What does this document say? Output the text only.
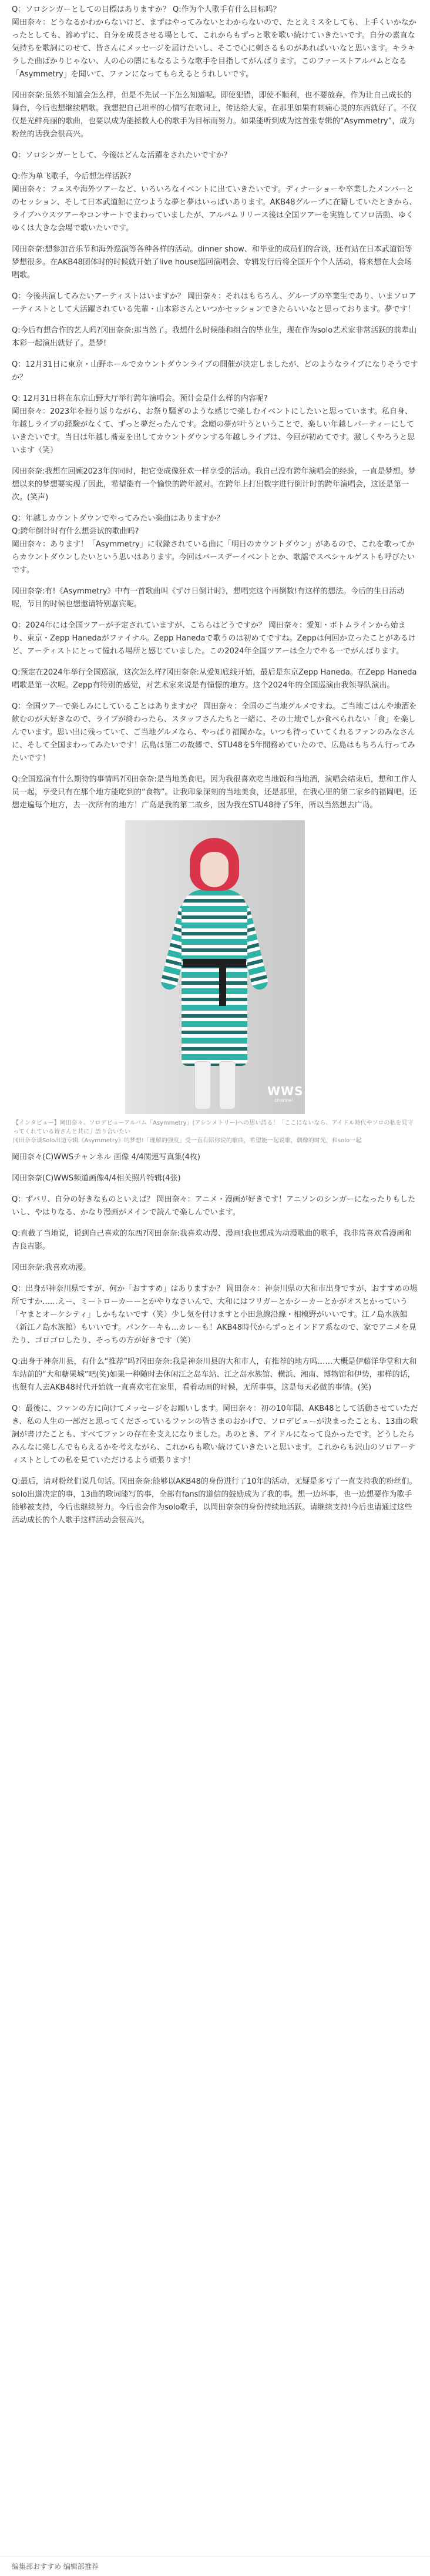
Q：ソロシンガーとしての目標はありますか？ Q:作为个人歌手有什么目标吗？

岡田奈々：どうなるかわからないけど、まずはやってみないとわからないので、たとえミスをしても、上手くいかなかったとしても、諦めずに、自分を成長させる場として、これからもずっと歌を歌い続けていきたいです。自分の素直な気持ちを歌詞にのせて、皆さんにメッセージを届けたいし、そこで心に刺さるものがあればいいなと思います。キラキラした曲ばかりじゃない、人の心の闇にもなるような歌手を目指してがんばります。このファーストアルバムとなる「Asymmetry」を聞いて、ファンになってもらえるとうれしいです。

冈田奈奈:虽然不知道会怎么样，但是不先试一下怎么知道呢。即使犯错，即使不顺利，也不要放弃，作为让自己成长的舞台，今后也想继续唱歌。我想把自己坦率的心情写在歌词上，传达给大家，在那里如果有刺痛心灵的东西就好了。不仅仅是光鲜亮丽的歌曲，也要以成为能拯救人心的歌手为目标而努力。如果能听到成为这首张专辑的“Asymmetry”，成为粉丝的话我会很高兴。

Q：ソロシンガーとして、今後はどんな活躍をされたいですか？

Q:作为单飞歌手，今后想怎样活跃?

岡田奈々：フェスや海外ツアーなど、いろいろなイベントに出ていきたいです。ディナーショーや卒業したメンバーとのセッション、そして日本武道館に立つような夢と夢はいっぱいあります。AKB48グループに在籍していたときから、ライブハウスツアーやコンサートでまわっていましたが、アルバムリリース後は全国ツアーを実施してソロ活動、ゆくゆくは大きな会場で歌いたいです。

冈田奈奈:想参加音乐节和海外巡演等各种各样的活动。dinner show、和毕业的成员们的合谈，还有站在日本武道馆等梦想很多。在AKB48团体时的时候就开始了live house巡回演唱会、专辑发行后将全国开个个人活动，将来想在大会场唱歌。

Q：今後共演してみたいアーティストはいますか？ 岡田奈々：それはもちろん、グループの卒業生であり、いまソロアーティストとして大活躍されている先輩・山本彩さんといつかセッションできたらいいなと思っております。夢です！

Q:今后有想合作的艺人吗?冈田奈奈:那当然了。我想什么时候能和组合的毕业生，现在作为solo艺术家非常活跃的前辈山本彩一起演出就好了。是梦!

Q：12月31日に東京・山野ホールでカウントダウンライブの開催が決定しましたが、どのようなライブになりそうですか？

Q: 12月31日将在东京山野大厅举行跨年演唱会。预计会是什么样的内容呢?

岡田奈々：2023年を振り返りながら、お祭り騒ぎのような感じで楽しむイベントにしたいと思っています。私自身、年越しライブの経験がなくて、ずっと夢だったんです。念願の夢が叶うということで、楽しい年越しパーティーにしていきたいです。当日は年越し蕎麦を出してカウントダウンする年越しライブは、今回が初めてです。激しくやろうと思います（笑）

冈田奈奈:我想在回顾2023年的同时，把它变成像狂欢一样享受的活动。我自己没有跨年演唱会的经验，一直是梦想。梦想以来的梦想要实现了因此，希望能有一个愉快的跨年派对。在跨年上打出数字进行倒计时的跨年演唱会，这还是第一次。(笑声)

Q：年越しカウントダウンでやってみたい楽曲はありますか？

Q:跨年倒计时有什么想尝试的歌曲吗?

岡田奈々：あります！「Asymmetry」に収録されている曲に「明日のカウントダウン」があるので、これを歌ってからカウントダウンしたいという思いはあります。今回はバースデーイベントとか、歌謡でスペシャルゲストも呼びたいです。

冈田奈奈:有!《Asymmetry》中有一首歌曲叫《ずけ日倒计时》，想唱完这个再倒数!有这样的想法。今后的生日活动呢，节目的时候也想邀请特别嘉宾呢。

Q：2024年には全国ツアーが予定されていますが、こちらはどうですか？ 岡田奈々：愛知・ボトムラインから始まり、東京・Zepp Hanedaがファイナル。Zepp Hanedaで歌うのは初めてですね。Zeppは何回か立ったことがあるけど、アーティストにとって憧れる場所と感じていました。この2024年全国ツアーは全力でやる一でがんばります。

Q:预定在2024年举行全国巡演，这次怎么样?冈田奈奈:从爱知底线开始，最后是东京Zepp Haneda。在Zepp Haneda唱歌是第一次呢。Zepp有特别的感觉，对艺术家来说是有憧憬的地方。这个2024年的全国巡演由我领导队演出。

Q：全国ツアーで楽しみにしていることはありますか？ 岡田奈々：全国のご当地グルメですね。ご当地ごはんや地酒を飲むのが大好きなので、ライブが終わったら、スタッフさんたちと一緒に、その土地でしか食べられない「食」を楽しんでいます。思い出に残っていて、ご当地グルメなら、やっぱり福岡かな。いつも待っていてくれるファンのみなさんに、そして全国まわってみたいです！広島は第二の故郷で、STU48を5年間務めていたので、広島はもちろん行ってみたいです！

Q:全国巡演有什么期待的事情吗?冈田奈奈:是当地美食吧。因为我很喜欢吃当地饭和当地酒，演唱会结束后，想和工作人员一起，享受只有在那个地方能吃到的“食物”。让我印象深刻的当地美食，还是那里，在我心里的第二家乡的福岡吧。还想走遍每个地方，去一次所有的地方！广岛是我的第二故乡，因为我在STU48待了5年，所以当然想去广岛。

WWS
channel

【インタビュー】岡田奈々、ソロデビューアルバム「Asymmetry」(アシンメトリー)への思い語る！「ここにないなら、アイドル時代やソロの私を見守ってくれている皆さんと共に」語り合いたい

冈田奈奈谈Solo出道专辑《Asymmetry》的梦想!「理解的强度」受一直有陪你说的歌曲，希望能一起说歌，偶像的时光，和solo一起

岡田奈々(C)WWSチャンネル 画像 4/4関連写真集(4枚)

冈田奈奈(C)WWS频道画像4/4相关照片特辑(4张)

Q：ずバリ、自分の好きなものといえば？ 岡田奈々：アニメ・漫画が好きです！アニソンのシンガーになったりもしたいし、やはりなる、かなり漫画がメインで読んで楽しんでいます。

Q:直截了当地说，说到自己喜欢的东西?冈田奈奈:我喜欢动漫、漫画!我也想成为动漫歌曲的歌手，我非常喜欢看漫画和吉良吉影。

冈田奈奈:我喜欢动漫。

Q：出身が神奈川県ですが、何か「おすすめ」はありますか？ 岡田奈々：神奈川県の大和市出身ですが、おすすめの場所ですか……えー、ミートローカーーとかやりなさいんで、大和にはフリガーとかシーカーとかがオスとかっていう「ヤまとオーケシティ」しかもないです（笑）少し気を付けますと小田急線沿線・相模野がいいです。江ノ島水族館（新江ノ島水族館）もいいです。パンケーキも...カレーも！AKB48時代からずっとインドア系なので、家でアニメを見たり、ゴロゴロしたり、そっちの方が好きです（笑）

Q:出身于神奈川县，有什么“推荐”吗?冈田奈奈:我是神奈川县的大和市人，有推荐的地方吗……大概是伊藤洋华堂和大和车站前的“大和糖果城”吧(笑)如果一种随时去休闲江之岛车站、江之岛水族馆、横浜、湘南、博物馆和伊势，那样的话，也很有人去AKB48时代开始就一直喜欢宅在家里，看着动画的时候，无所事事，这是每天必做的事情。(笑)

Q：最後に、ファンの方に向けてメッセージをお願いします。岡田奈々：初の10年間、AKB48として活動させていただき、私の人生の一部だと思ってくださっているファンの皆さまのおかげで、ソロデビューが決まったことも、13曲の歌詞が書けたことも、すべてファンの存在を支えになりました。あのとき、アイドルになって良かったです。どうしたらみんなに楽しんでもらえるかを考えながら、これからも歌い続けていきたいと思います。これからも沢山のソロアーティストとしての私を見ていただけるよう頑張ります！

Q:最后，请对粉丝们说几句话。冈田奈奈:能够以AKB48的身份进行了10年的活动，无疑是多亏了一直支持我的粉丝们。solo出道决定的事，13曲的歌词能写的事，全部有fans的道信的鼓励成为了我的事。想一边坏事，也一边想要作为歌手能够被支持，今后也继续努力。今后也会作为solo歌手，以岡田奈奈的身份持续地活跃。请继续支持!今后也请通过这些活动成长的个人歌手这样活动会很高兴。

编集部おすすめ 编辑部推荐
